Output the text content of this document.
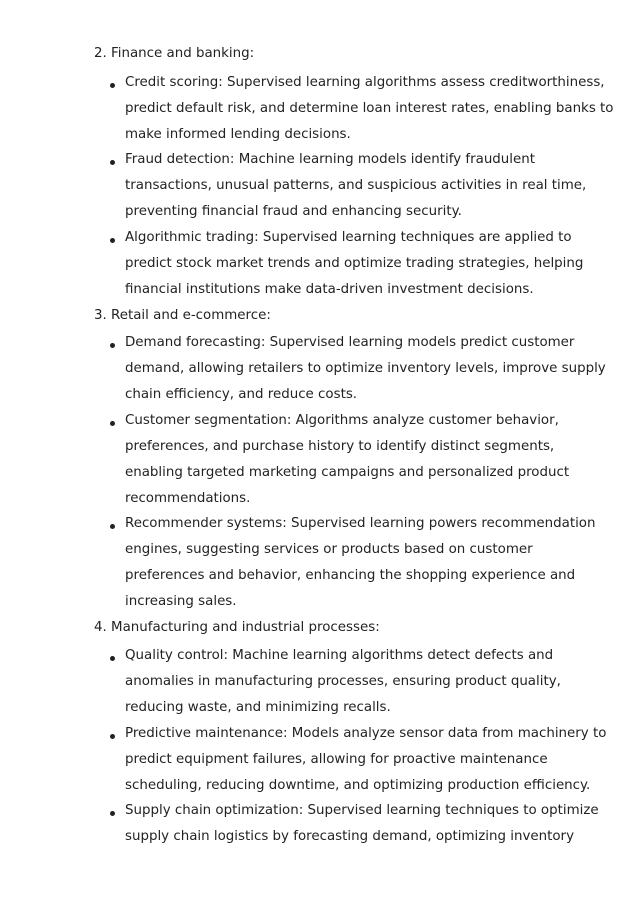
2. Finance and banking:
Credit scoring: Supervised learning algorithms assess creditworthiness,
predict default risk, and determine loan interest rates, enabling banks to
make informed lending decisions.
Fraud detection: Machine learning models identify fraudulent
transactions, unusual patterns, and suspicious activities in real time,
preventing financial fraud and enhancing security.
Algorithmic trading: Supervised learning techniques are applied to
predict stock market trends and optimize trading strategies, helping
financial institutions make data-driven investment decisions.
3. Retail and e-commerce:
Demand forecasting: Supervised learning models predict customer
demand, allowing retailers to optimize inventory levels, improve supply
chain efficiency, and reduce costs.
Customer segmentation: Algorithms analyze customer behavior,
preferences, and purchase history to identify distinct segments,
enabling targeted marketing campaigns and personalized product
recommendations.
Recommender systems: Supervised learning powers recommendation
engines, suggesting services or products based on customer
preferences and behavior, enhancing the shopping experience and
increasing sales.
4. Manufacturing and industrial processes:
Quality control: Machine learning algorithms detect defects and
anomalies in manufacturing processes, ensuring product quality,
reducing waste, and minimizing recalls.
Predictive maintenance: Models analyze sensor data from machinery to
predict equipment failures, allowing for proactive maintenance
scheduling, reducing downtime, and optimizing production efficiency.
Supply chain optimization: Supervised learning techniques to optimize
supply chain logistics by forecasting demand, optimizing inventory
